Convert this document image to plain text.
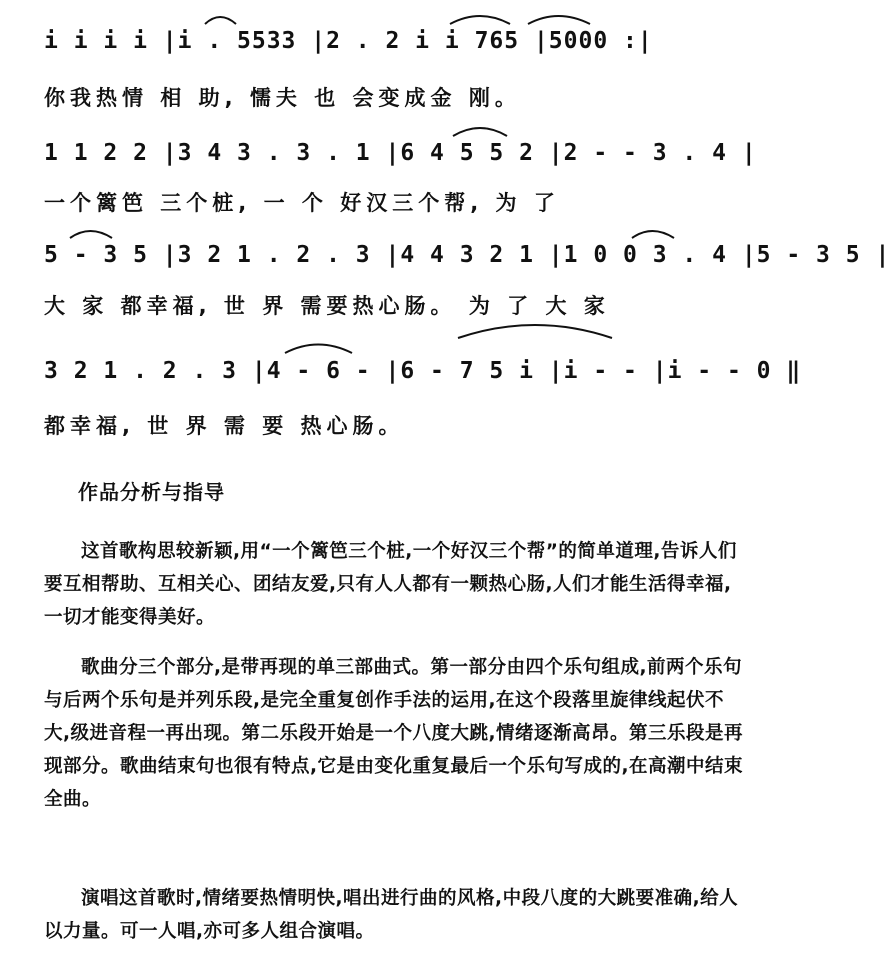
i i i i |i . 5533 |2 . 2 i i 765 |5000 :|
你我热情 相 助, 懦夫 也 会变成金 刚。
1 1 2 2 |3 4 3 . 3 . 1 |6 4 5 5 2 |2 - - 3 . 4 |
一个篱笆 三个桩, 一 个 好汉三个帮, 为 了
5 - 3 5 |3 2 1 . 2 . 3 |4 4 3 2 1 |1 0 0 3 . 4 |5 - 3 5 |
大 家 都幸福, 世 界 需要热心肠。 为 了 大 家
3 2 1 . 2 . 3 |4 - 6 - |6 - 7 5 i |i - - |i - - 0 ‖
都幸福, 世 界 需 要 热心肠。
作品分析与指导
这首歌构思较新颖,用“一个篱笆三个桩,一个好汉三个帮”的简单道理,告诉人们要互相帮助、互相关心、团结友爱,只有人人都有一颗热心肠,人们才能生活得幸福,一切才能变得美好。
歌曲分三个部分,是带再现的单三部曲式。第一部分由四个乐句组成,前两个乐句与后两个乐句是并列乐段,是完全重复创作手法的运用,在这个段落里旋律线起伏不大,级进音程一再出现。第二乐段开始是一个八度大跳,情绪逐渐高昂。第三乐段是再现部分。歌曲结束句也很有特点,它是由变化重复最后一个乐句写成的,在高潮中结束全曲。
演唱这首歌时,情绪要热情明快,唱出进行曲的风格,中段八度的大跳要准确,给人以力量。可一人唱,亦可多人组合演唱。
